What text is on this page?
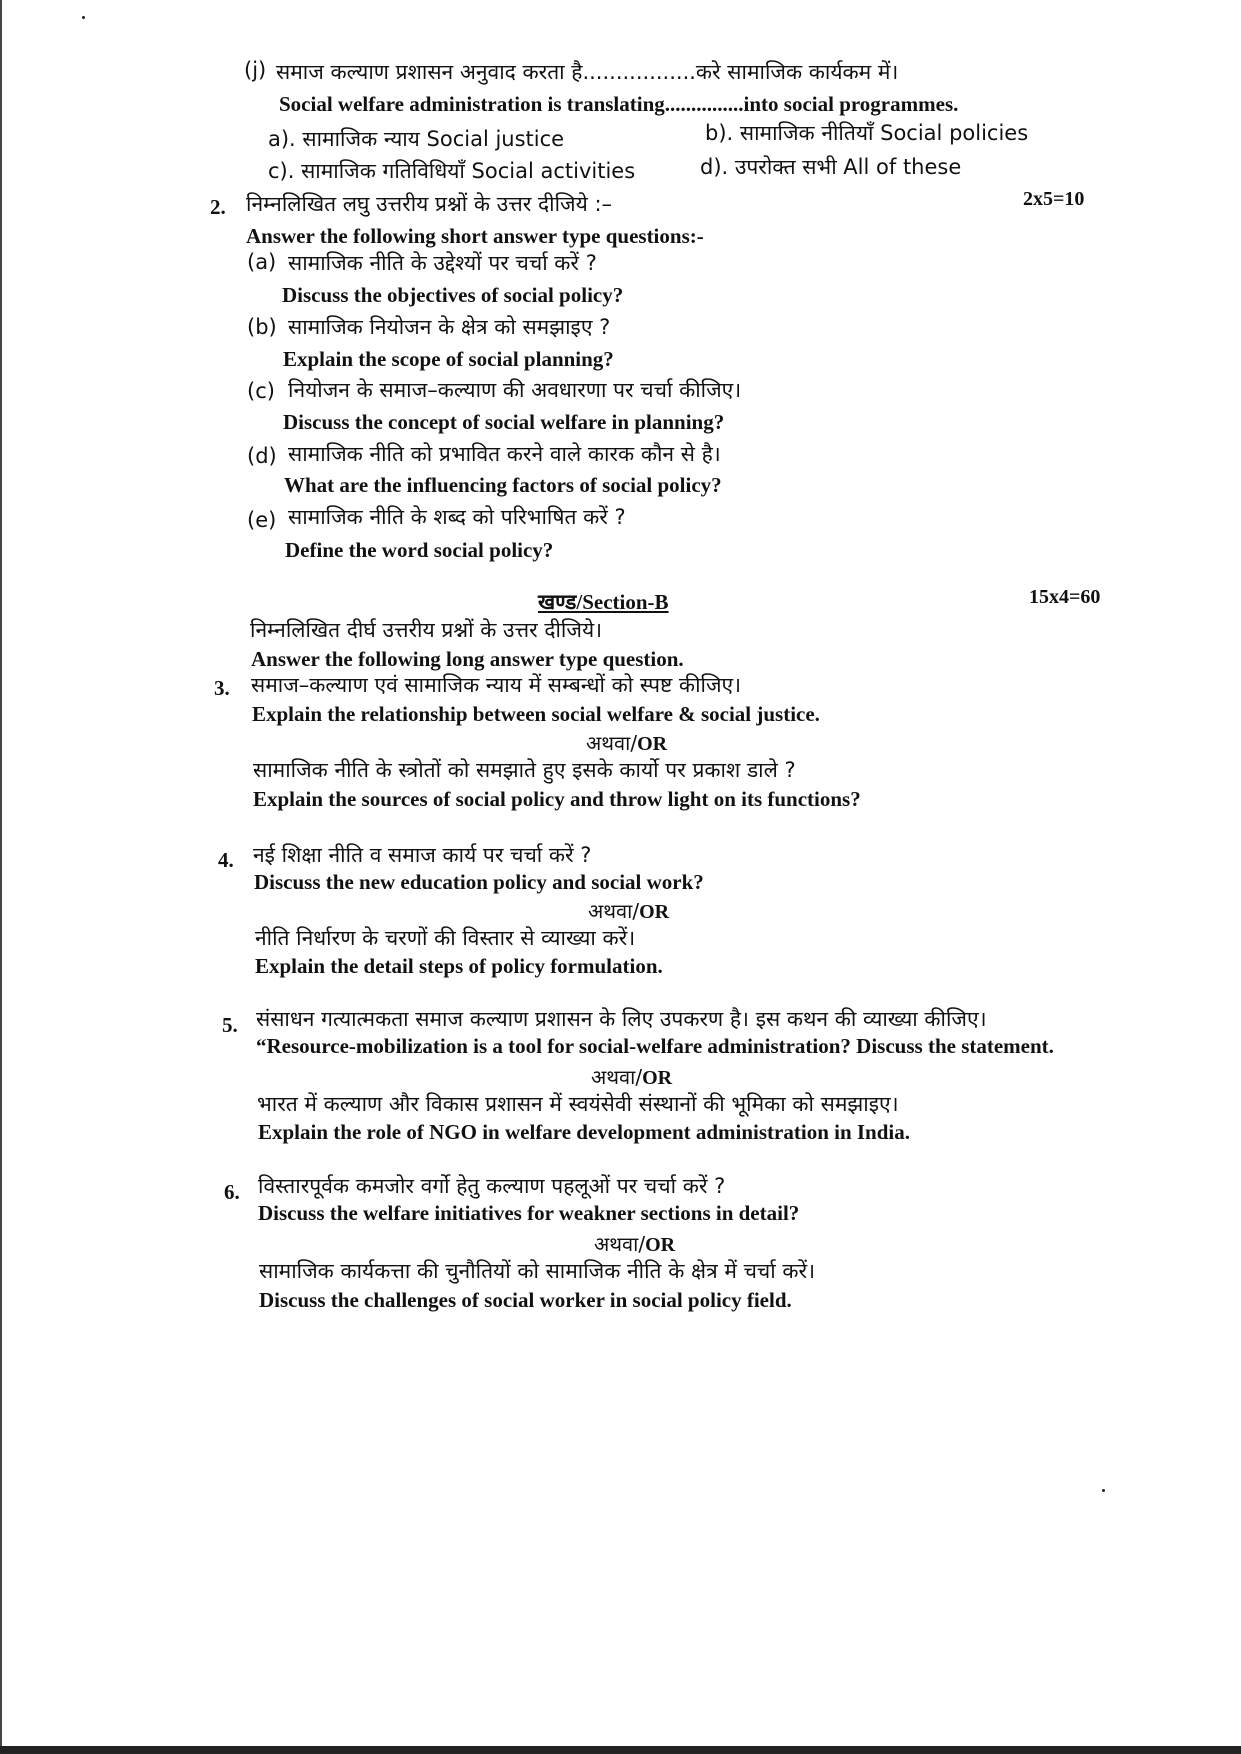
(j) समाज कल्याण प्रशासन अनुवाद करता है.................करे सामाजिक कार्यकम में।
Social welfare administration is translating...............into social programmes.
a). सामाजिक न्याय Social justice	b). सामाजिक नीतियाँ Social policies
c). सामाजिक गतिविधियाँ Social activities	d). उपरोक्त सभी All of these
2. निम्नलिखित लघु उत्तरीय प्रश्नों के उत्तर दीजिये :–	2x5=10
Answer the following short answer type questions:-
(a) सामाजिक नीति के उद्देश्यों पर चर्चा करें ?
Discuss the objectives of social policy?
(b) सामाजिक नियोजन के क्षेत्र को समझाइए ?
Explain the scope of social planning?
(c) नियोजन के समाज–कल्याण की अवधारणा पर चर्चा कीजिए।
Discuss the concept of social welfare in planning?
(d) सामाजिक नीति को प्रभावित करने वाले कारक कौन से है।
What are the influencing factors of social policy?
(e) सामाजिक नीति के शब्द को परिभाषित करें ?
Define the word social policy?
खण्ड/Section-B	15x4=60
निम्नलिखित दीर्घ उत्तरीय प्रश्नों के उत्तर दीजिये।
Answer the following long answer type question.
3. समाज–कल्याण एवं सामाजिक न्याय में सम्बन्धों को स्पष्ट कीजिए।
Explain the relationship between social welfare & social justice.
अथवा/OR
सामाजिक नीति के स्त्रोतों को समझाते हुए इसके कार्यो पर प्रकाश डाले ?
Explain the sources of social policy and throw light on its functions?
4. नई शिक्षा नीति व समाज कार्य पर चर्चा करें ?
Discuss the new education policy and social work?
अथवा/OR
नीति निर्धारण के चरणों की विस्तार से व्याख्या करें।
Explain the detail steps of policy formulation.
5. संसाधन गत्यात्मकता समाज कल्याण प्रशासन के लिए उपकरण है। इस कथन की व्याख्या कीजिए।
“Resource-mobilization is a tool for social-welfare administration? Discuss the statement.
अथवा/OR
भारत में कल्याण और विकास प्रशासन में स्वयंसेवी संस्थानों की भूमिका को समझाइए।
Explain the role of NGO in welfare development administration in India.
6. विस्तारपूर्वक कमजोर वर्गो हेतु कल्याण पहलूओं पर चर्चा करें ?
Discuss the welfare initiatives for weakner sections in detail?
अथवा/OR
सामाजिक कार्यकत्ता की चुनौतियों को सामाजिक नीति के क्षेत्र में चर्चा करें।
Discuss the challenges of social worker in social policy field.
